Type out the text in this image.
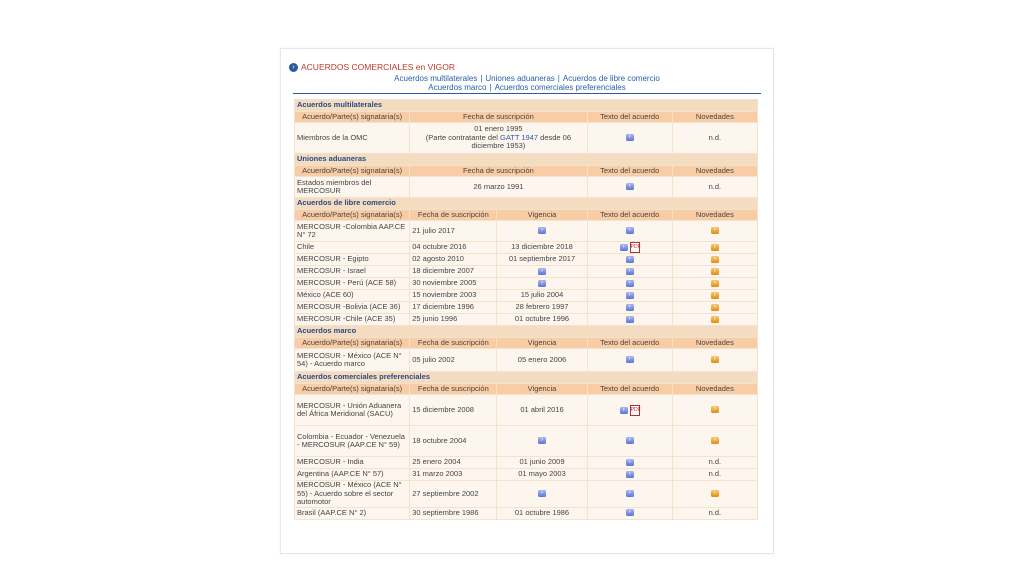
› ACUERDOS COMERCIALES en VIGOR
Acuerdos multilaterales | Uniones aduaneras | Acuerdos de libre comercio
Acuerdos marco | Acuerdos comerciales preferenciales
Acuerdos multilaterales				
Acuerdo/Parte(s) signataria(s)	Fecha de suscripción		Texto del acuerdo	Novedades
Miembros de la OMC	01 enero 1995
(Parte contratante del GATT 1947 desde 06
diciembre 1953)		›	n.d.
Uniones aduaneras				
Acuerdo/Parte(s) signataria(s)	Fecha de suscripción		Texto del acuerdo	Novedades
Estados miembros del MERCOSUR	26 marzo 1991		›	n.d.
Acuerdos de libre comercio				
Acuerdo/Parte(s) signataria(s)	Fecha de suscripción	Vigencia	Texto del acuerdo	Novedades
MERCOSUR -Colombia AAP.CE N° 72	21 julio 2017	›	›	›
Chile	04 octubre 2016	13 diciembre 2018	› PDF	›
MERCOSUR - Egipto	02 agosto 2010	01 septiembre 2017	›	›
MERCOSUR - Israel	18 diciembre 2007	›	›	›
MERCOSUR - Perú (ACE 58)	30 noviembre 2005	›	›	›
México (ACE 60)	15 noviembre 2003	15 julio 2004	›	›
MERCOSUR -Bolivia (ACE 36)	17 diciembre 1996	28 febrero 1997	›	›
MERCOSUR -Chile (ACE 35)	25 junio 1996	01 octubre 1996	›	›
Acuerdos marco				
Acuerdo/Parte(s) signataria(s)	Fecha de suscripción	Vigencia	Texto del acuerdo	Novedades
MERCOSUR - México (ACE N° 54) - Acuerdo marco	05 julio 2002	05 enero 2006	›	›
Acuerdos comerciales preferenciales				
Acuerdo/Parte(s) signataria(s)	Fecha de suscripción	Vigencia	Texto del acuerdo	Novedades
MERCOSUR - Unión Aduanera del África Meridional (SACU)	15 diciembre 2008	01 abril 2016	› PDF	›
Colombia - Ecuador - Venezuela - MERCOSUR (AAP.CE N° 59)	18 octubre 2004	›	›	›
MERCOSUR - India	25 enero 2004	01 junio 2009	›	n.d.
Argentina (AAP.CE N° 57)	31 marzo 2003	01 mayo 2003	›	n.d.
MERCOSUR - México (ACE N° 55) - Acuerdo sobre el sector automotor	27 septiembre 2002	›	›	›
Brasil (AAP.CE N° 2)	30 septiembre 1986	01 octubre 1986	›	n.d.
